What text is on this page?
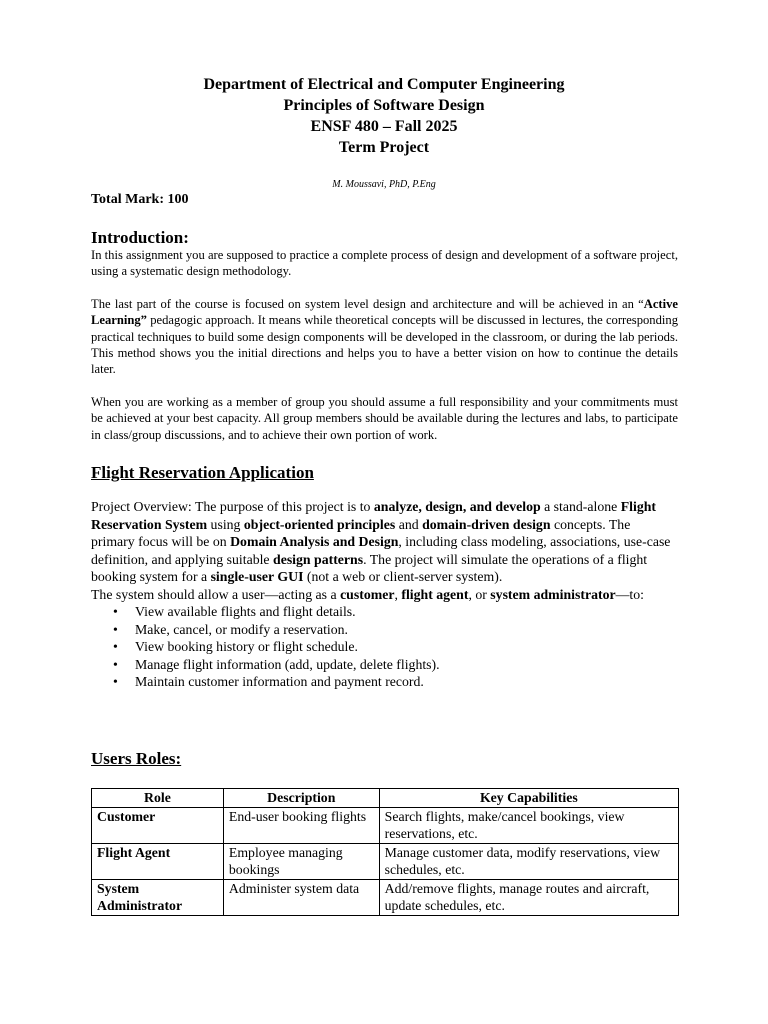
Department of Electrical and Computer Engineering
Principles of Software Design
ENSF 480 – Fall 2025
Term Project
M. Moussavi, PhD, P.Eng
Total Mark: 100
Introduction:
In this assignment you are supposed to practice a complete process of design and development of a software project, using a systematic design methodology.
The last part of the course is focused on system level design and architecture and will be achieved in an “Active Learning” pedagogic approach. It means while theoretical concepts will be discussed in lectures, the corresponding practical techniques to build some design components will be developed in the classroom, or during the lab periods. This method shows you the initial directions and helps you to have a better vision on how to continue the details later.
When you are working as a member of group you should assume a full responsibility and your commitments must be achieved at your best capacity. All group members should be available during the lectures and labs, to participate in class/group discussions, and to achieve their own portion of work.
Flight Reservation Application

Project Overview: The purpose of this project is to analyze, design, and develop a stand-alone Flight Reservation System using object-oriented principles and domain-driven design concepts. The primary focus will be on Domain Analysis and Design, including class modeling, associations, use-case definition, and applying suitable design patterns. The project will simulate the operations of a flight booking system for a single-user GUI (not a web or client-server system).

The system should allow a user—acting as a customer, flight agent, or system administrator—to:

• View available flights and flight details.
• Make, cancel, or modify a reservation.
• View booking history or flight schedule.
• Manage flight information (add, update, delete flights).
• Maintain customer information and payment record.
Users Roles:
Role	Description	Key Capabilities
Customer	End-user booking flights	Search flights, make/cancel bookings, view reservations, etc.
Flight Agent	Employee managing bookings	Manage customer data, modify reservations, view schedules, etc.
System Administrator	Administer system data	Add/remove flights, manage routes and aircraft, update schedules, etc.
